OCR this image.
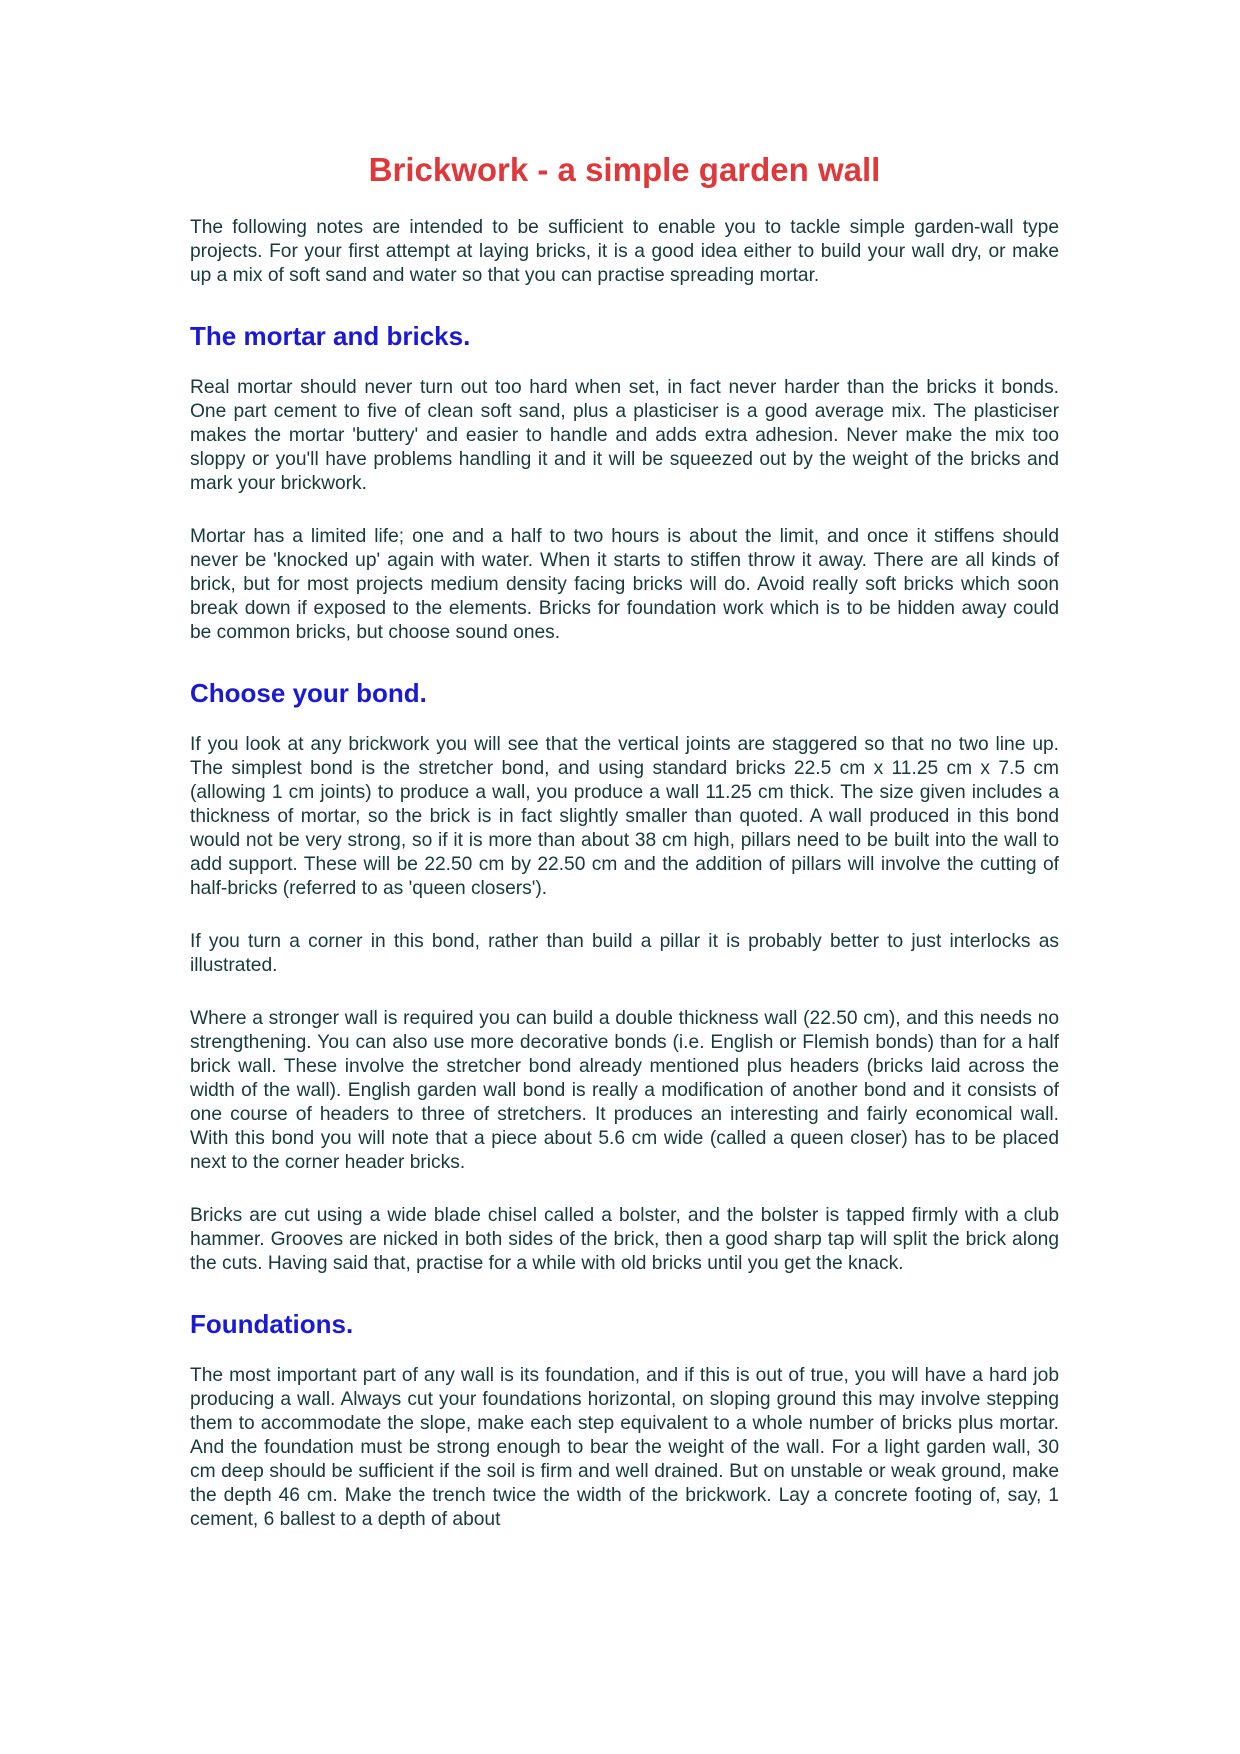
Brickwork - a simple garden wall

The following notes are intended to be sufficient to enable you to tackle simple garden-wall type projects. For your first attempt at laying bricks, it is a good idea either to build your wall dry, or make up a mix of soft sand and water so that you can practise spreading mortar.

The mortar and bricks.

Real mortar should never turn out too hard when set, in fact never harder than the bricks it bonds. One part cement to five of clean soft sand, plus a plasticiser is a good average mix. The plasticiser makes the mortar 'buttery' and easier to handle and adds extra adhesion. Never make the mix too sloppy or you'll have problems handling it and it will be squeezed out by the weight of the bricks and mark your brickwork.

Mortar has a limited life; one and a half to two hours is about the limit, and once it stiffens should never be 'knocked up' again with water. When it starts to stiffen throw it away. There are all kinds of brick, but for most projects medium density facing bricks will do. Avoid really soft bricks which soon break down if exposed to the elements. Bricks for foundation work which is to be hidden away could be common bricks, but choose sound ones.

Choose your bond.

If you look at any brickwork you will see that the vertical joints are staggered so that no two line up. The simplest bond is the stretcher bond, and using standard bricks 22.5 cm x 11.25 cm x 7.5 cm (allowing 1 cm joints) to produce a wall, you produce a wall 11.25 cm thick. The size given includes a thickness of mortar, so the brick is in fact slightly smaller than quoted. A wall produced in this bond would not be very strong, so if it is more than about 38 cm high, pillars need to be built into the wall to add support. These will be 22.50 cm by 22.50 cm and the addition of pillars will involve the cutting of half-bricks (referred to as 'queen closers').

If you turn a corner in this bond, rather than build a pillar it is probably better to just interlocks as illustrated.

Where a stronger wall is required you can build a double thickness wall (22.50 cm), and this needs no strengthening. You can also use more decorative bonds (i.e. English or Flemish bonds) than for a half brick wall. These involve the stretcher bond already mentioned plus headers (bricks laid across the width of the wall). English garden wall bond is really a modification of another bond and it consists of one course of headers to three of stretchers. It produces an interesting and fairly economical wall. With this bond you will note that a piece about 5.6 cm wide (called a queen closer) has to be placed next to the corner header bricks.

Bricks are cut using a wide blade chisel called a bolster, and the bolster is tapped firmly with a club hammer. Grooves are nicked in both sides of the brick, then a good sharp tap will split the brick along the cuts. Having said that, practise for a while with old bricks until you get the knack.

Foundations.

The most important part of any wall is its foundation, and if this is out of true, you will have a hard job producing a wall. Always cut your foundations horizontal, on sloping ground this may involve stepping them to accommodate the slope, make each step equivalent to a whole number of bricks plus mortar. And the foundation must be strong enough to bear the weight of the wall. For a light garden wall, 30 cm deep should be sufficient if the soil is firm and well drained. But on unstable or weak ground, make the depth 46 cm. Make the trench twice the width of the brickwork. Lay a concrete footing of, say, 1 cement, 6 ballest to a depth of about
